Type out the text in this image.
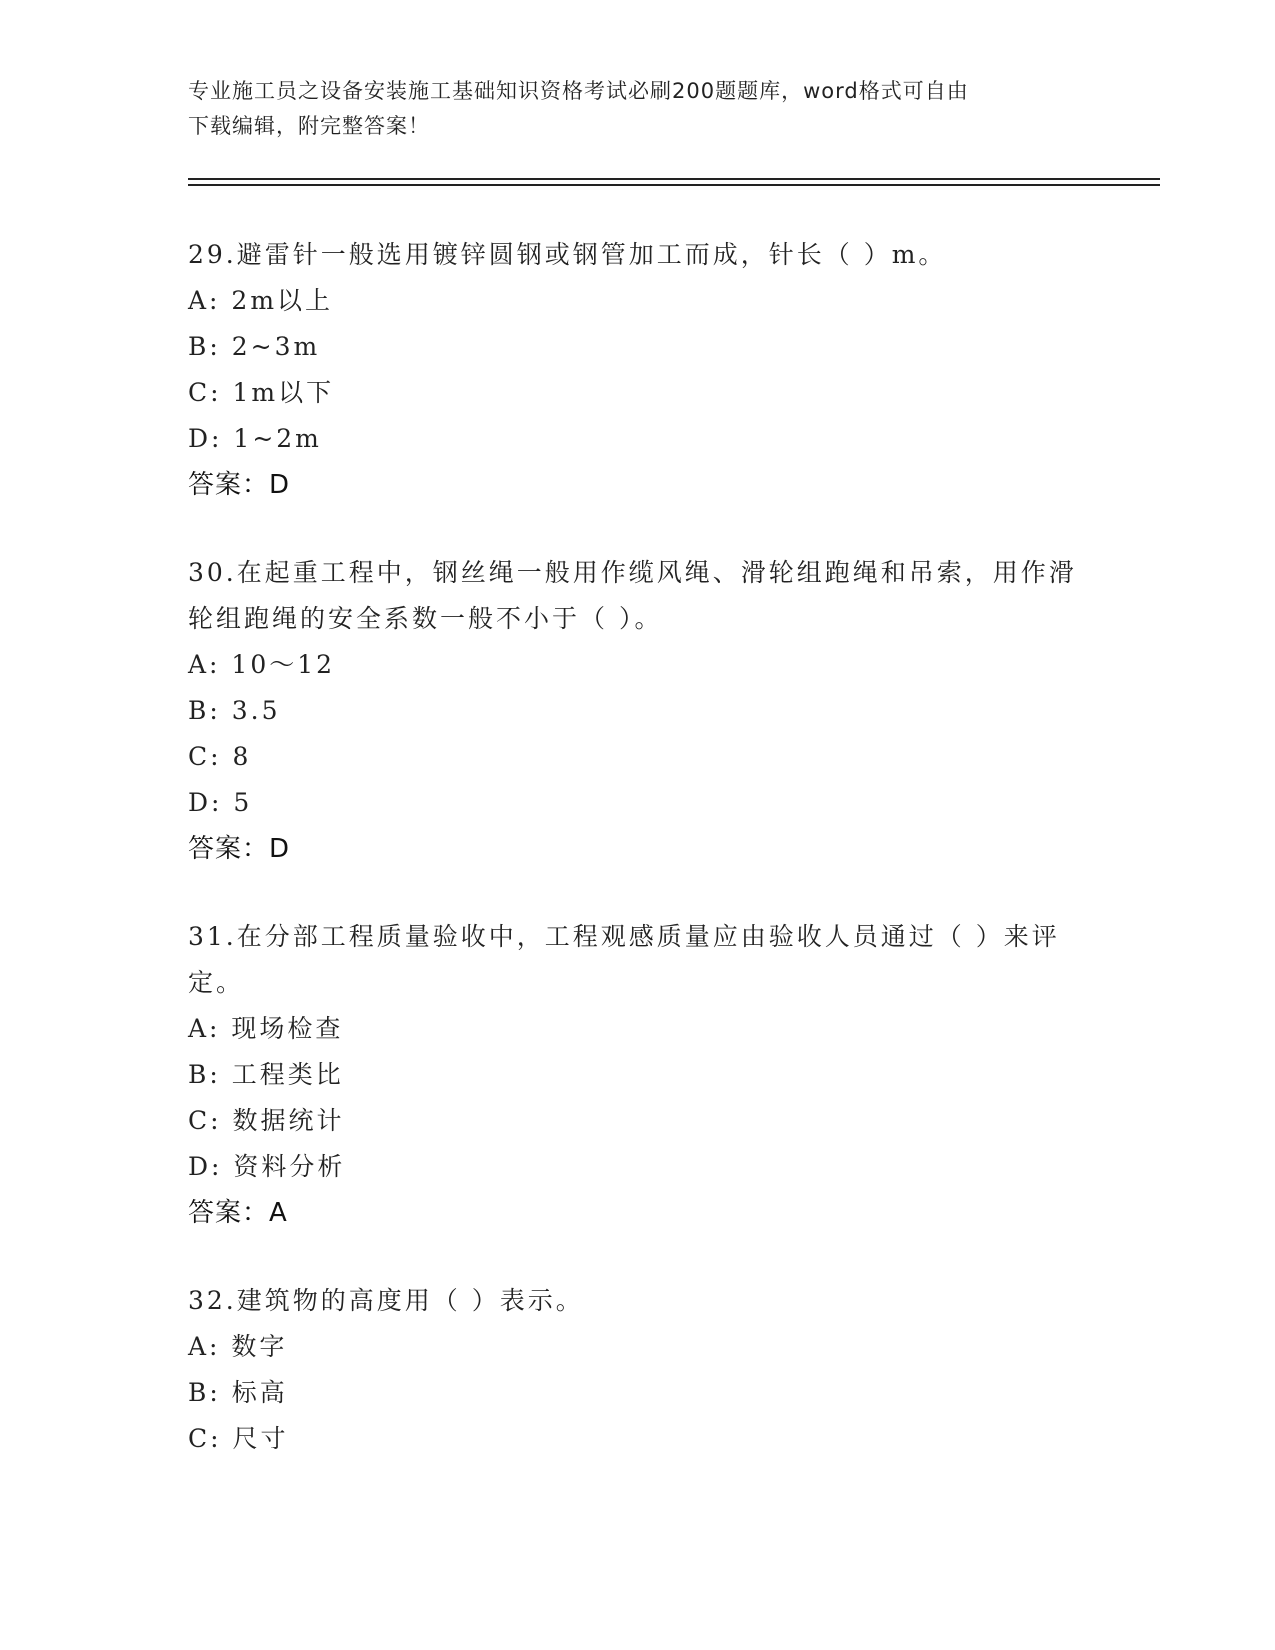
专业施工员之设备安装施工基础知识资格考试必刷200题题库，word格式可自由
下载编辑，附完整答案！
29.避雷针一般选用镀锌圆钢或钢管加工而成，针长（ ）m。
A: 2m以上
B: 2~3m
C: 1m以下
D: 1~2m
答案：D
30.在起重工程中，钢丝绳一般用作缆风绳、滑轮组跑绳和吊索，用作滑轮组跑绳的安全系数一般不小于（ ）。
A: 10～12
B: 3.5
C: 8
D: 5
答案：D
31.在分部工程质量验收中，工程观感质量应由验收人员通过（ ）来评定。
A: 现场检查
B: 工程类比
C: 数据统计
D: 资料分析
答案：A
32.建筑物的高度用（ ）表示。
A: 数字
B: 标高
C: 尺寸
